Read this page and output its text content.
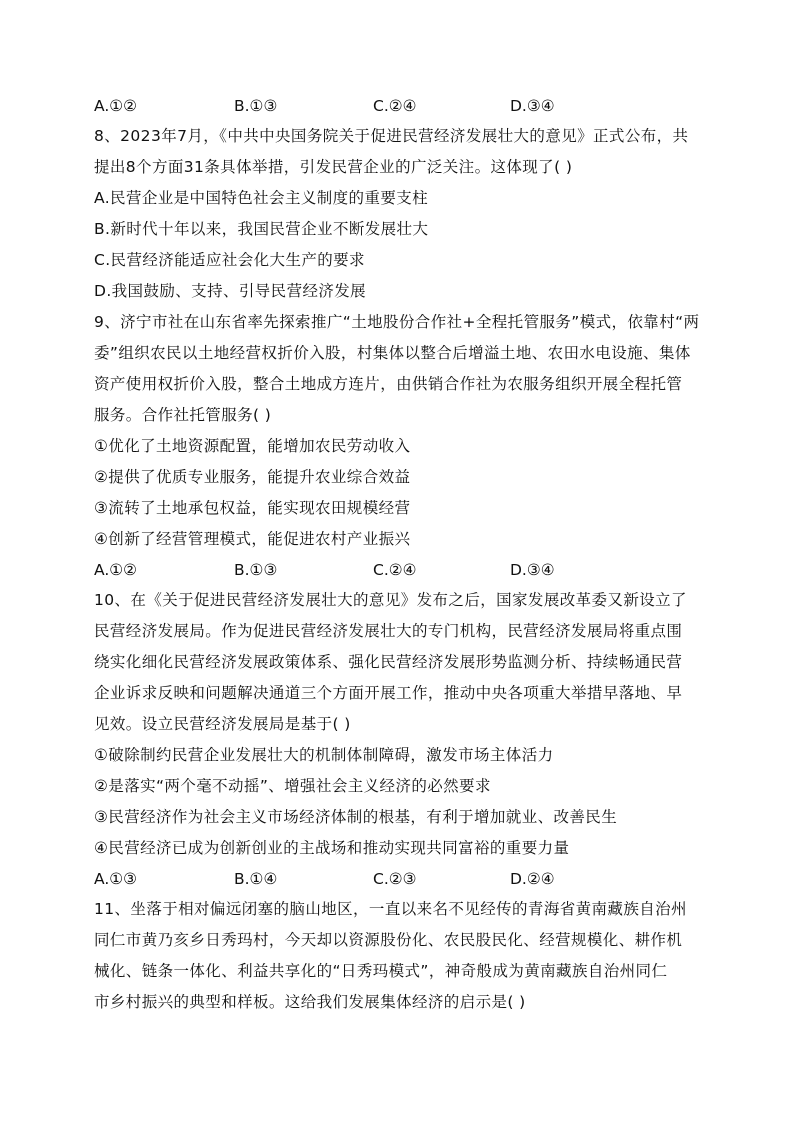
A.①②	B.①③	C.②④	D.③④
8、2023年7月，《中共中央国务院关于促进民营经济发展壮大的意见》正式公布，共
提出8个方面31条具体举措，引发民营企业的广泛关注。这体现了( )
A.民营企业是中国特色社会主义制度的重要支柱
B.新时代十年以来，我国民营企业不断发展壮大
C.民营经济能适应社会化大生产的要求
D.我国鼓励、支持、引导民营经济发展
9、济宁市社在山东省率先探索推广“土地股份合作社+全程托管服务”模式，依靠村“两
委”组织农民以土地经营权折价入股，村集体以整合后增溢土地、农田水电设施、集体
资产使用权折价入股，整合土地成方连片，由供销合作社为农服务组织开展全程托管
服务。合作社托管服务( )
①优化了土地资源配置，能增加农民劳动收入
②提供了优质专业服务，能提升农业综合效益
③流转了土地承包权益，能实现农田规模经营
④创新了经营管理模式，能促进农村产业振兴
A.①②	B.①③	C.②④	D.③④
10、在《关于促进民营经济发展壮大的意见》发布之后，国家发展改革委又新设立了
民营经济发展局。作为促进民营经济发展壮大的专门机构，民营经济发展局将重点围
绕实化细化民营经济发展政策体系、强化民营经济发展形势监测分析、持续畅通民营
企业诉求反映和问题解决通道三个方面开展工作，推动中央各项重大举措早落地、早
见效。设立民营经济发展局是基于( )
①破除制约民营企业发展壮大的机制体制障碍，激发市场主体活力
②是落实“两个毫不动摇”、增强社会主义经济的必然要求
③民营经济作为社会主义市场经济体制的根基，有利于增加就业、改善民生
④民营经济已成为创新创业的主战场和推动实现共同富裕的重要力量
A.①③	B.①④	C.②③	D.②④
11、坐落于相对偏远闭塞的脑山地区，一直以来名不见经传的青海省黄南藏族自治州
同仁市黄乃亥乡日秀玛村，今天却以资源股份化、农民股民化、经营规模化、耕作机
械化、链条一体化、利益共享化的“日秀玛模式”，神奇般成为黄南藏族自治州同仁
市乡村振兴的典型和样板。这给我们发展集体经济的启示是( )
